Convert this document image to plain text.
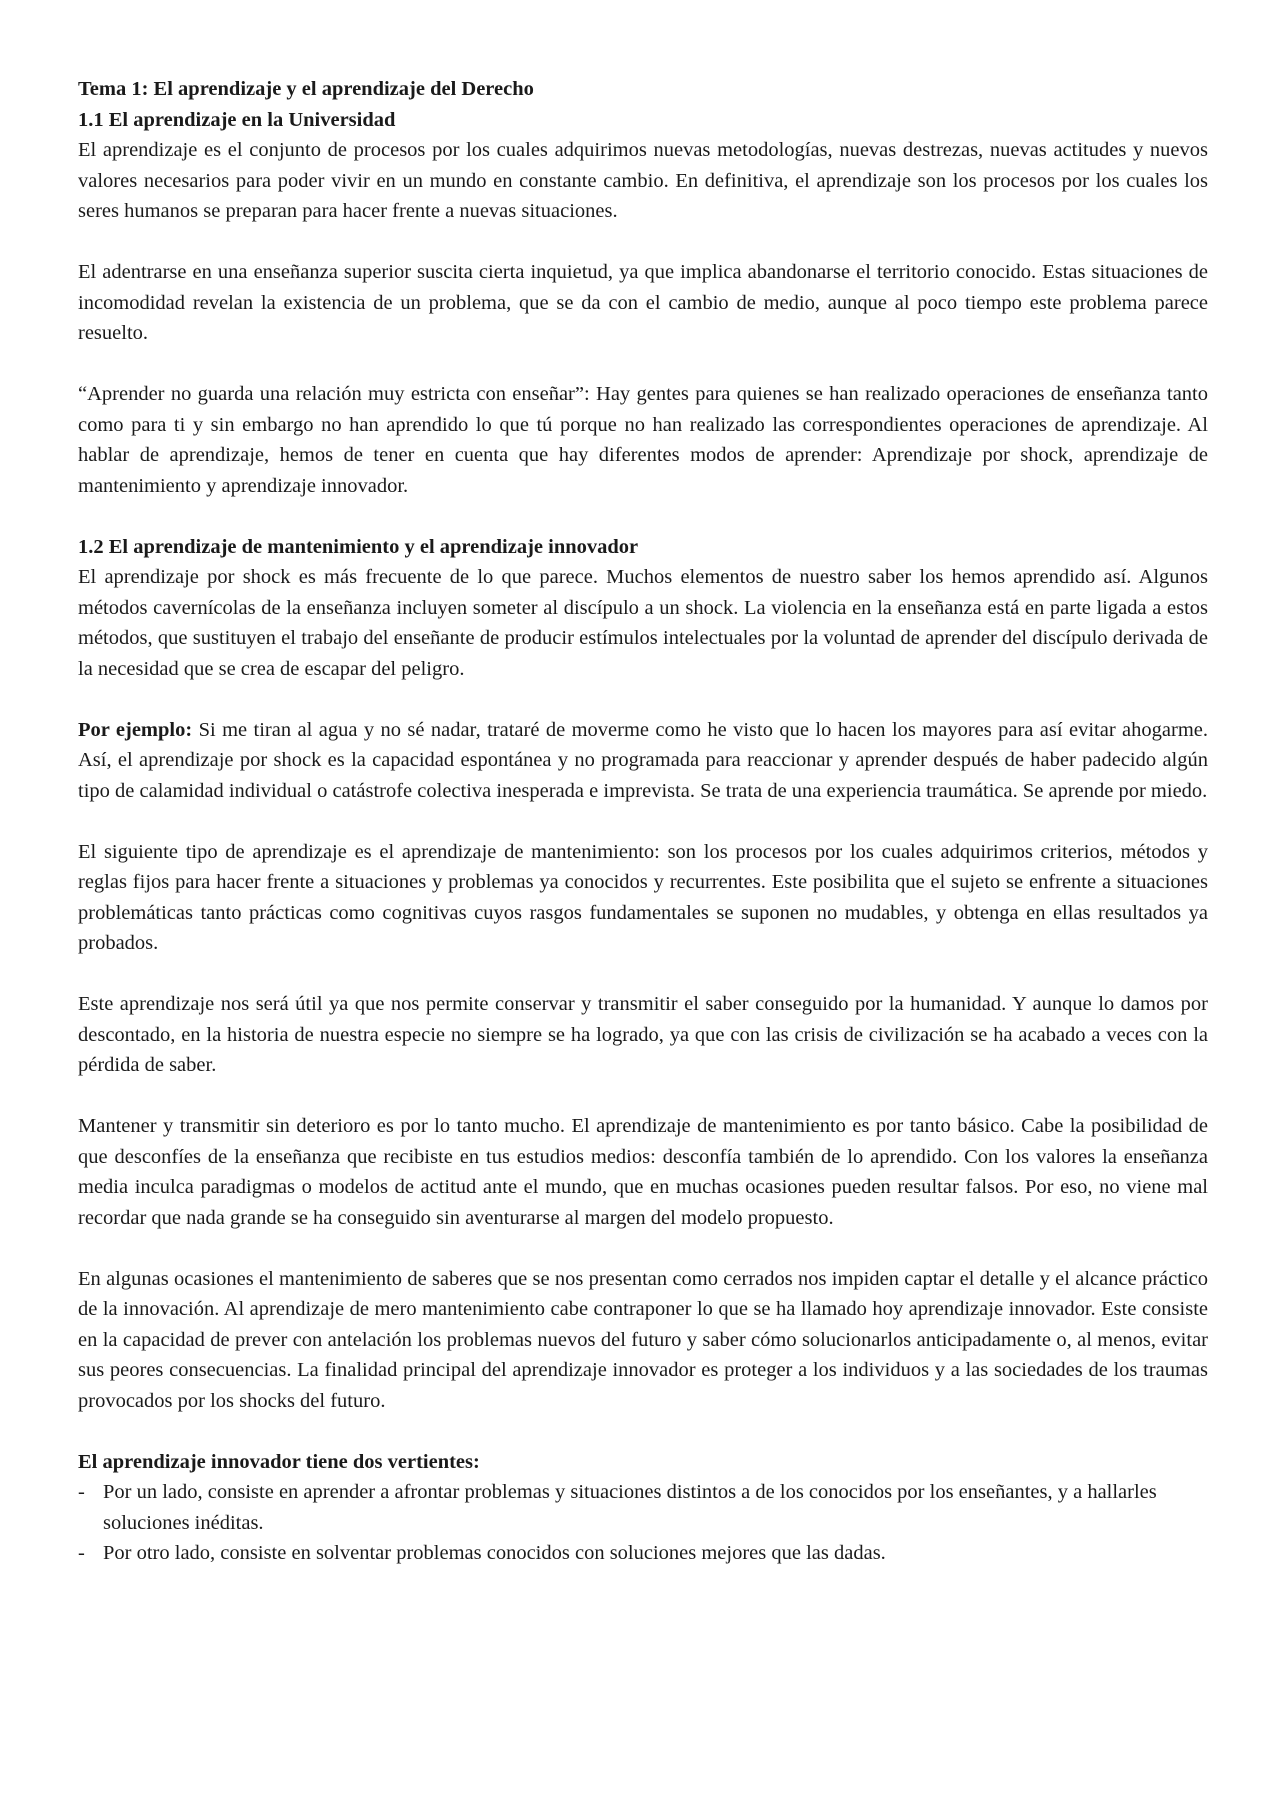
Tema 1: El aprendizaje y el aprendizaje del Derecho

1.1 El aprendizaje en la Universidad

El aprendizaje es el conjunto de procesos por los cuales adquirimos nuevas metodologías, nuevas destrezas, nuevas actitudes y nuevos valores necesarios para poder vivir en un mundo en constante cambio. En definitiva, el aprendizaje son los procesos por los cuales los seres humanos se preparan para hacer frente a nuevas situaciones.

El adentrarse en una enseñanza superior suscita cierta inquietud, ya que implica abandonarse el territorio conocido. Estas situaciones de incomodidad revelan la existencia de un problema, que se da con el cambio de medio, aunque al poco tiempo este problema parece resuelto.

“Aprender no guarda una relación muy estricta con enseñar”: Hay gentes para quienes se han realizado operaciones de enseñanza tanto como para ti y sin embargo no han aprendido lo que tú porque no han realizado las correspondientes operaciones de aprendizaje. Al hablar de aprendizaje, hemos de tener en cuenta que hay diferentes modos de aprender: Aprendizaje por shock, aprendizaje de mantenimiento y aprendizaje innovador.

1.2 El aprendizaje de mantenimiento y el aprendizaje innovador

El aprendizaje por shock es más frecuente de lo que parece. Muchos elementos de nuestro saber los hemos aprendido así. Algunos métodos cavernícolas de la enseñanza incluyen someter al discípulo a un shock. La violencia en la enseñanza está en parte ligada a estos métodos, que sustituyen el trabajo del enseñante de producir estímulos intelectuales por la voluntad de aprender del discípulo derivada de la necesidad que se crea de escapar del peligro.

Por ejemplo: Si me tiran al agua y no sé nadar, trataré de moverme como he visto que lo hacen los mayores para así evitar ahogarme. Así, el aprendizaje por shock es la capacidad espontánea y no programada para reaccionar y aprender después de haber padecido algún tipo de calamidad individual o catástrofe colectiva inesperada e imprevista. Se trata de una experiencia traumática. Se aprende por miedo.

El siguiente tipo de aprendizaje es el aprendizaje de mantenimiento: son los procesos por los cuales adquirimos criterios, métodos y reglas fijos para hacer frente a situaciones y problemas ya conocidos y recurrentes. Este posibilita que el sujeto se enfrente a situaciones problemáticas tanto prácticas como cognitivas cuyos rasgos fundamentales se suponen no mudables, y obtenga en ellas resultados ya probados.

Este aprendizaje nos será útil ya que nos permite conservar y transmitir el saber conseguido por la humanidad. Y aunque lo damos por descontado, en la historia de nuestra especie no siempre se ha logrado, ya que con las crisis de civilización se ha acabado a veces con la pérdida de saber.

Mantener y transmitir sin deterioro es por lo tanto mucho. El aprendizaje de mantenimiento es por tanto básico. Cabe la posibilidad de que desconfíes de la enseñanza que recibiste en tus estudios medios: desconfía también de lo aprendido. Con los valores la enseñanza media inculca paradigmas o modelos de actitud ante el mundo, que en muchas ocasiones pueden resultar falsos. Por eso, no viene mal recordar que nada grande se ha conseguido sin aventurarse al margen del modelo propuesto.

En algunas ocasiones el mantenimiento de saberes que se nos presentan como cerrados nos impiden captar el detalle y el alcance práctico de la innovación. Al aprendizaje de mero mantenimiento cabe contraponer lo que se ha llamado hoy aprendizaje innovador. Este consiste en la capacidad de prever con antelación los problemas nuevos del futuro y saber cómo solucionarlos anticipadamente o, al menos, evitar sus peores consecuencias. La finalidad principal del aprendizaje innovador es proteger a los individuos y a las sociedades de los traumas provocados por los shocks del futuro.

El aprendizaje innovador tiene dos vertientes:

- Por un lado, consiste en aprender a afrontar problemas y situaciones distintos a de los conocidos por los enseñantes, y a hallarles soluciones inéditas.
- Por otro lado, consiste en solventar problemas conocidos con soluciones mejores que las dadas.
